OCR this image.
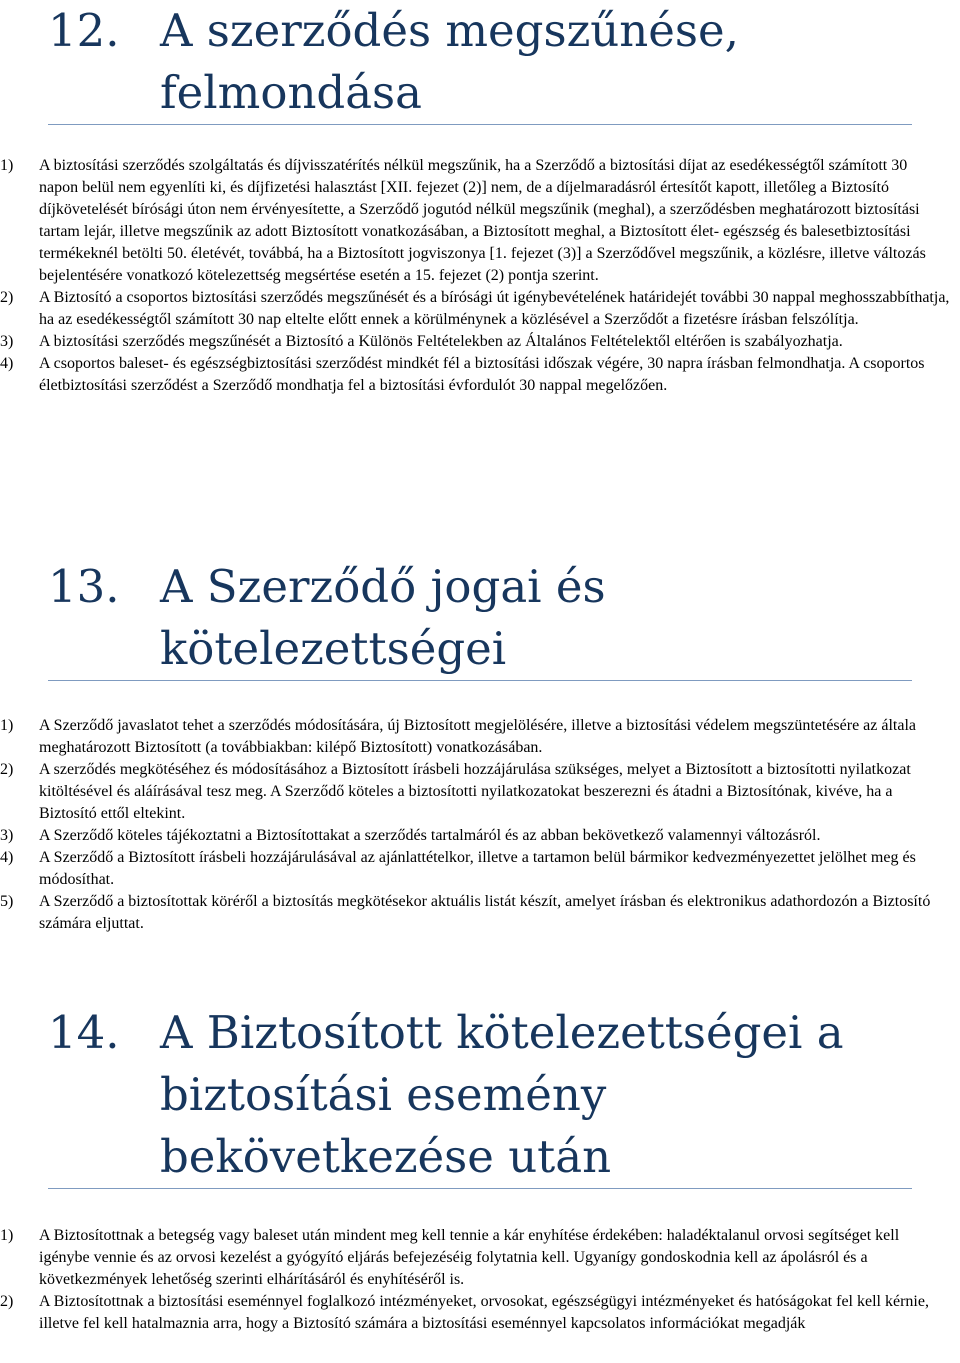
12. A szerződés megszűnése, felmondása
1) A biztosítási szerződés szolgáltatás és díjvisszatérítés nélkül megszűnik, ha a Szerződő a biztosítási díjat az esedékességtől számított 30 napon belül nem egyenlíti ki, és díjfizetési halasztást [XII. fejezet (2)] nem, de a díjelmaradásról értesítőt kapott, illetőleg a Biztosító díjkövetelését bírósági úton nem érvényesítette, a Szerződő jogutód nélkül megszűnik (meghal), a szerződésben meghatározott biztosítási tartam lejár, illetve megszűnik az adott Biztosított vonatkozásában, a Biztosított meghal, a Biztosított élet- egészség és balesetbiztosítási termékeknél betölti 50. életévét, továbbá, ha a Biztosított jogviszonya [1. fejezet (3)] a Szerződővel megszűnik, a közlésre, illetve változás bejelentésére vonatkozó kötelezettség megsértése esetén a 15. fejezet (2) pontja szerint.
2) A Biztosító a csoportos biztosítási szerződés megszűnését és a bírósági út igénybevételének határidejét további 30 nappal meghosszabbíthatja, ha az esedékességtől számított 30 nap eltelte előtt ennek a körülménynek a közlésével a Szerződőt a fizetésre írásban felszólítja.
3) A biztosítási szerződés megszűnését a Biztosító a Különös Feltételekben az Általános Feltételektől eltérően is szabályozhatja.
4) A csoportos baleset- és egészségbiztosítási szerződést mindkét fél a biztosítási időszak végére, 30 napra írásban felmondhatja. A csoportos életbiztosítási szerződést a Szerződő mondhatja fel a biztosítási évfordulót 30 nappal megelőzően.
13. A Szerződő jogai és kötelezettségei
1) A Szerződő javaslatot tehet a szerződés módosítására, új Biztosított megjelölésére, illetve a biztosítási védelem megszüntetésére az általa meghatározott Biztosított (a továbbiakban: kilépő Biztosított) vonatkozásában.
2) A szerződés megkötéséhez és módosításához a Biztosított írásbeli hozzájárulása szükséges, melyet a Biztosított a biztosítotti nyilatkozat kitöltésével és aláírásával tesz meg. A Szerződő köteles a biztosítotti nyilatkozatokat beszerezni és átadni a Biztosítónak, kivéve, ha a Biztosító ettől eltekint.
3) A Szerződő köteles tájékoztatni a Biztosítottakat a szerződés tartalmáról és az abban bekövetkező valamennyi változásról.
4) A Szerződő a Biztosított írásbeli hozzájárulásával az ajánlattételkor, illetve a tartamon belül bármikor kedvezményezettet jelölhet meg és módosíthat.
5) A Szerződő a biztosítottak köréről a biztosítás megkötésekor aktuális listát készít, amelyet írásban és elektronikus adathordozón a Biztosító számára eljuttat.
14. A Biztosított kötelezettségei a biztosítási esemény bekövetkezése után
1) A Biztosítottnak a betegség vagy baleset után mindent meg kell tennie a kár enyhítése érdekében: haladéktalanul orvosi segítséget kell igénybe vennie és az orvosi kezelést a gyógyító eljárás befejezéséig folytatnia kell. Ugyanígy gondoskodnia kell az ápolásról és a következmények lehetőség szerinti elhárításáról és enyhítéséről is.
2) A Biztosítottnak a biztosítási eseménnyel foglalkozó intézményeket, orvosokat, egészségügyi intézményeket és hatóságokat fel kell kérnie, illetve fel kell hatalmaznia arra, hogy a Biztosító számára a biztosítási eseménnyel kapcsolatos információkat megadják
